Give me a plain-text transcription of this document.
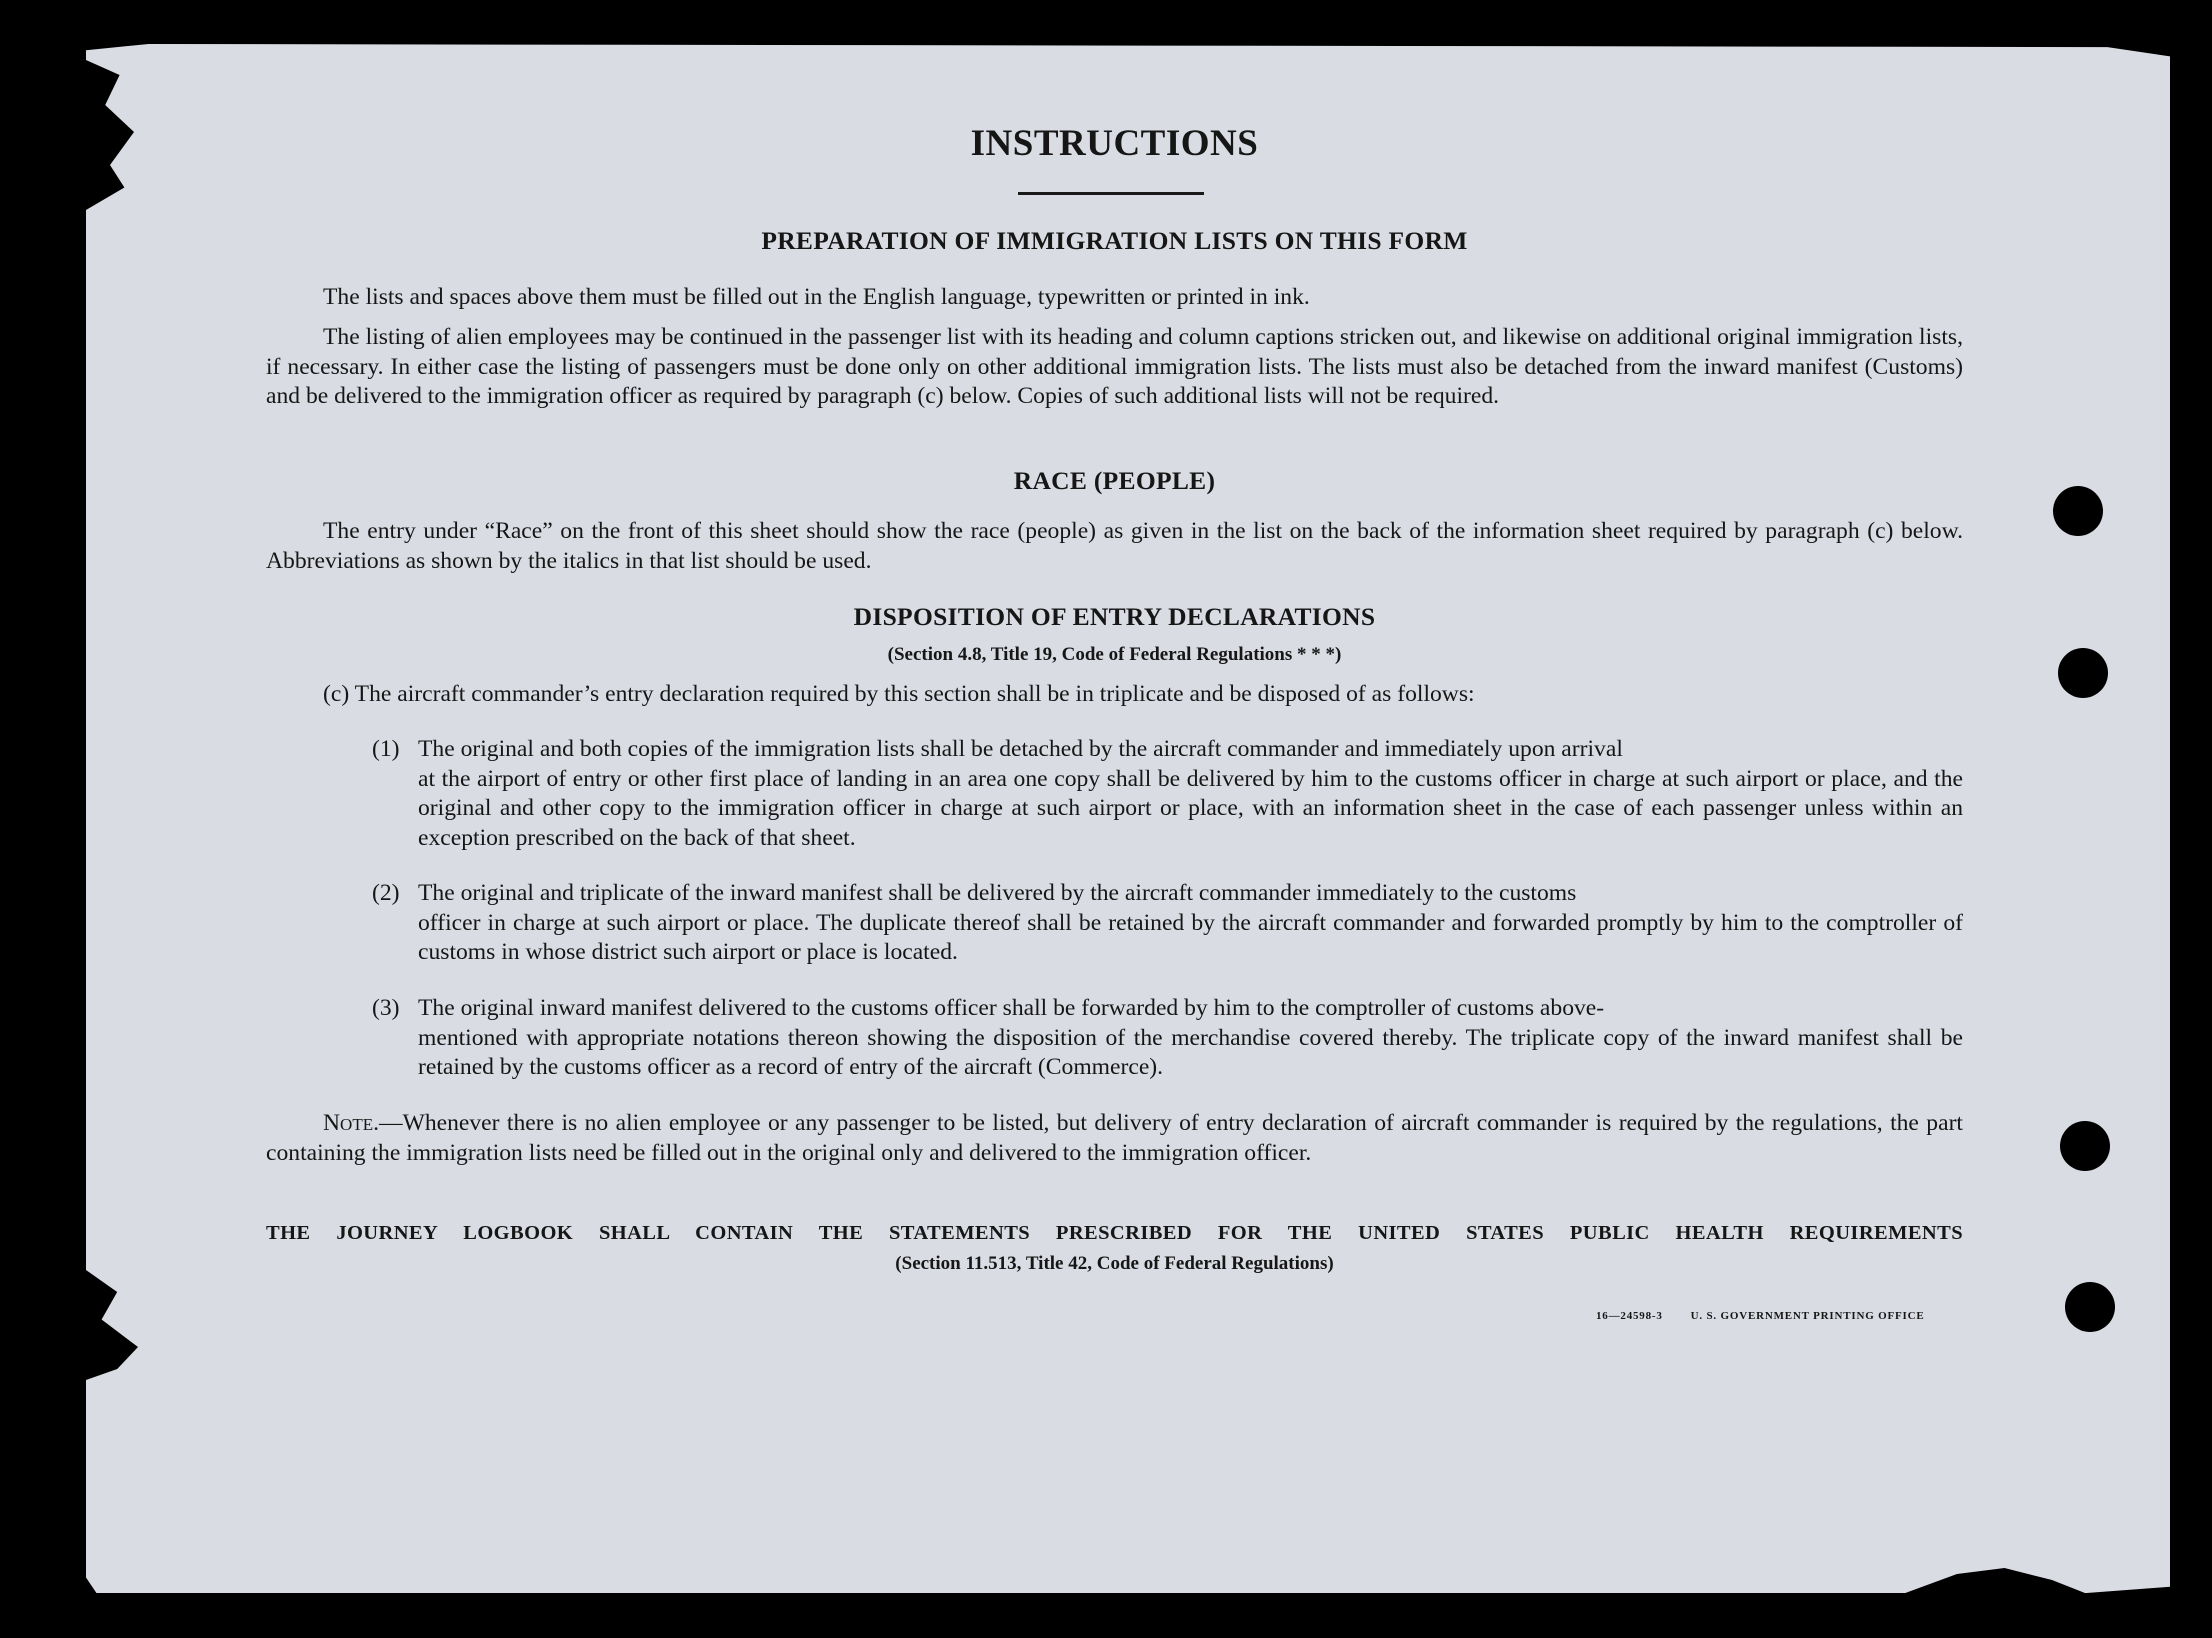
INSTRUCTIONS
PREPARATION OF IMMIGRATION LISTS ON THIS FORM
The lists and spaces above them must be filled out in the English language, typewritten or printed in ink.
The listing of alien employees may be continued in the passenger list with its heading and column captions stricken out, and likewise on additional original immigration lists, if necessary. In either case the listing of passengers must be done only on other additional immigration lists. The lists must also be detached from the inward manifest (Customs) and be delivered to the immigration officer as required by paragraph (c) below. Copies of such additional lists will not be required.
RACE (PEOPLE)
The entry under “Race” on the front of this sheet should show the race (people) as given in the list on the back of the information sheet required by paragraph (c) below. Abbreviations as shown by the italics in that list should be used.
DISPOSITION OF ENTRY DECLARATIONS
(Section 4.8, Title 19, Code of Federal Regulations * * *)
(c) The aircraft commander’s entry declaration required by this section shall be in triplicate and be disposed of as follows:
(1) The original and both copies of the immigration lists shall be detached by the aircraft commander and immediately upon arrival
at the airport of entry or other first place of landing in an area one copy shall be delivered by him to the customs officer in charge at such airport or place, and the original and other copy to the immigration officer in charge at such airport or place, with an information sheet in the case of each passenger unless within an exception prescribed on the back of that sheet.
(2) The original and triplicate of the inward manifest shall be delivered by the aircraft commander immediately to the customs
officer in charge at such airport or place. The duplicate thereof shall be retained by the aircraft commander and forwarded promptly by him to the comptroller of customs in whose district such airport or place is located.
(3) The original inward manifest delivered to the customs officer shall be forwarded by him to the comptroller of customs above-
mentioned with appropriate notations thereon showing the disposition of the merchandise covered thereby. The triplicate copy of the inward manifest shall be retained by the customs officer as a record of entry of the aircraft (Commerce).
Note.—Whenever there is no alien employee or any passenger to be listed, but delivery of entry declaration of aircraft commander is required by the regulations, the part containing the immigration lists need be filled out in the original only and delivered to the immigration officer.
THE JOURNEY LOGBOOK SHALL CONTAIN THE STATEMENTS PRESCRIBED FOR THE UNITED STATES PUBLIC HEALTH REQUIREMENTS
(Section 11.513, Title 42, Code of Federal Regulations)
16—24598-3	U. S. GOVERNMENT PRINTING OFFICE
